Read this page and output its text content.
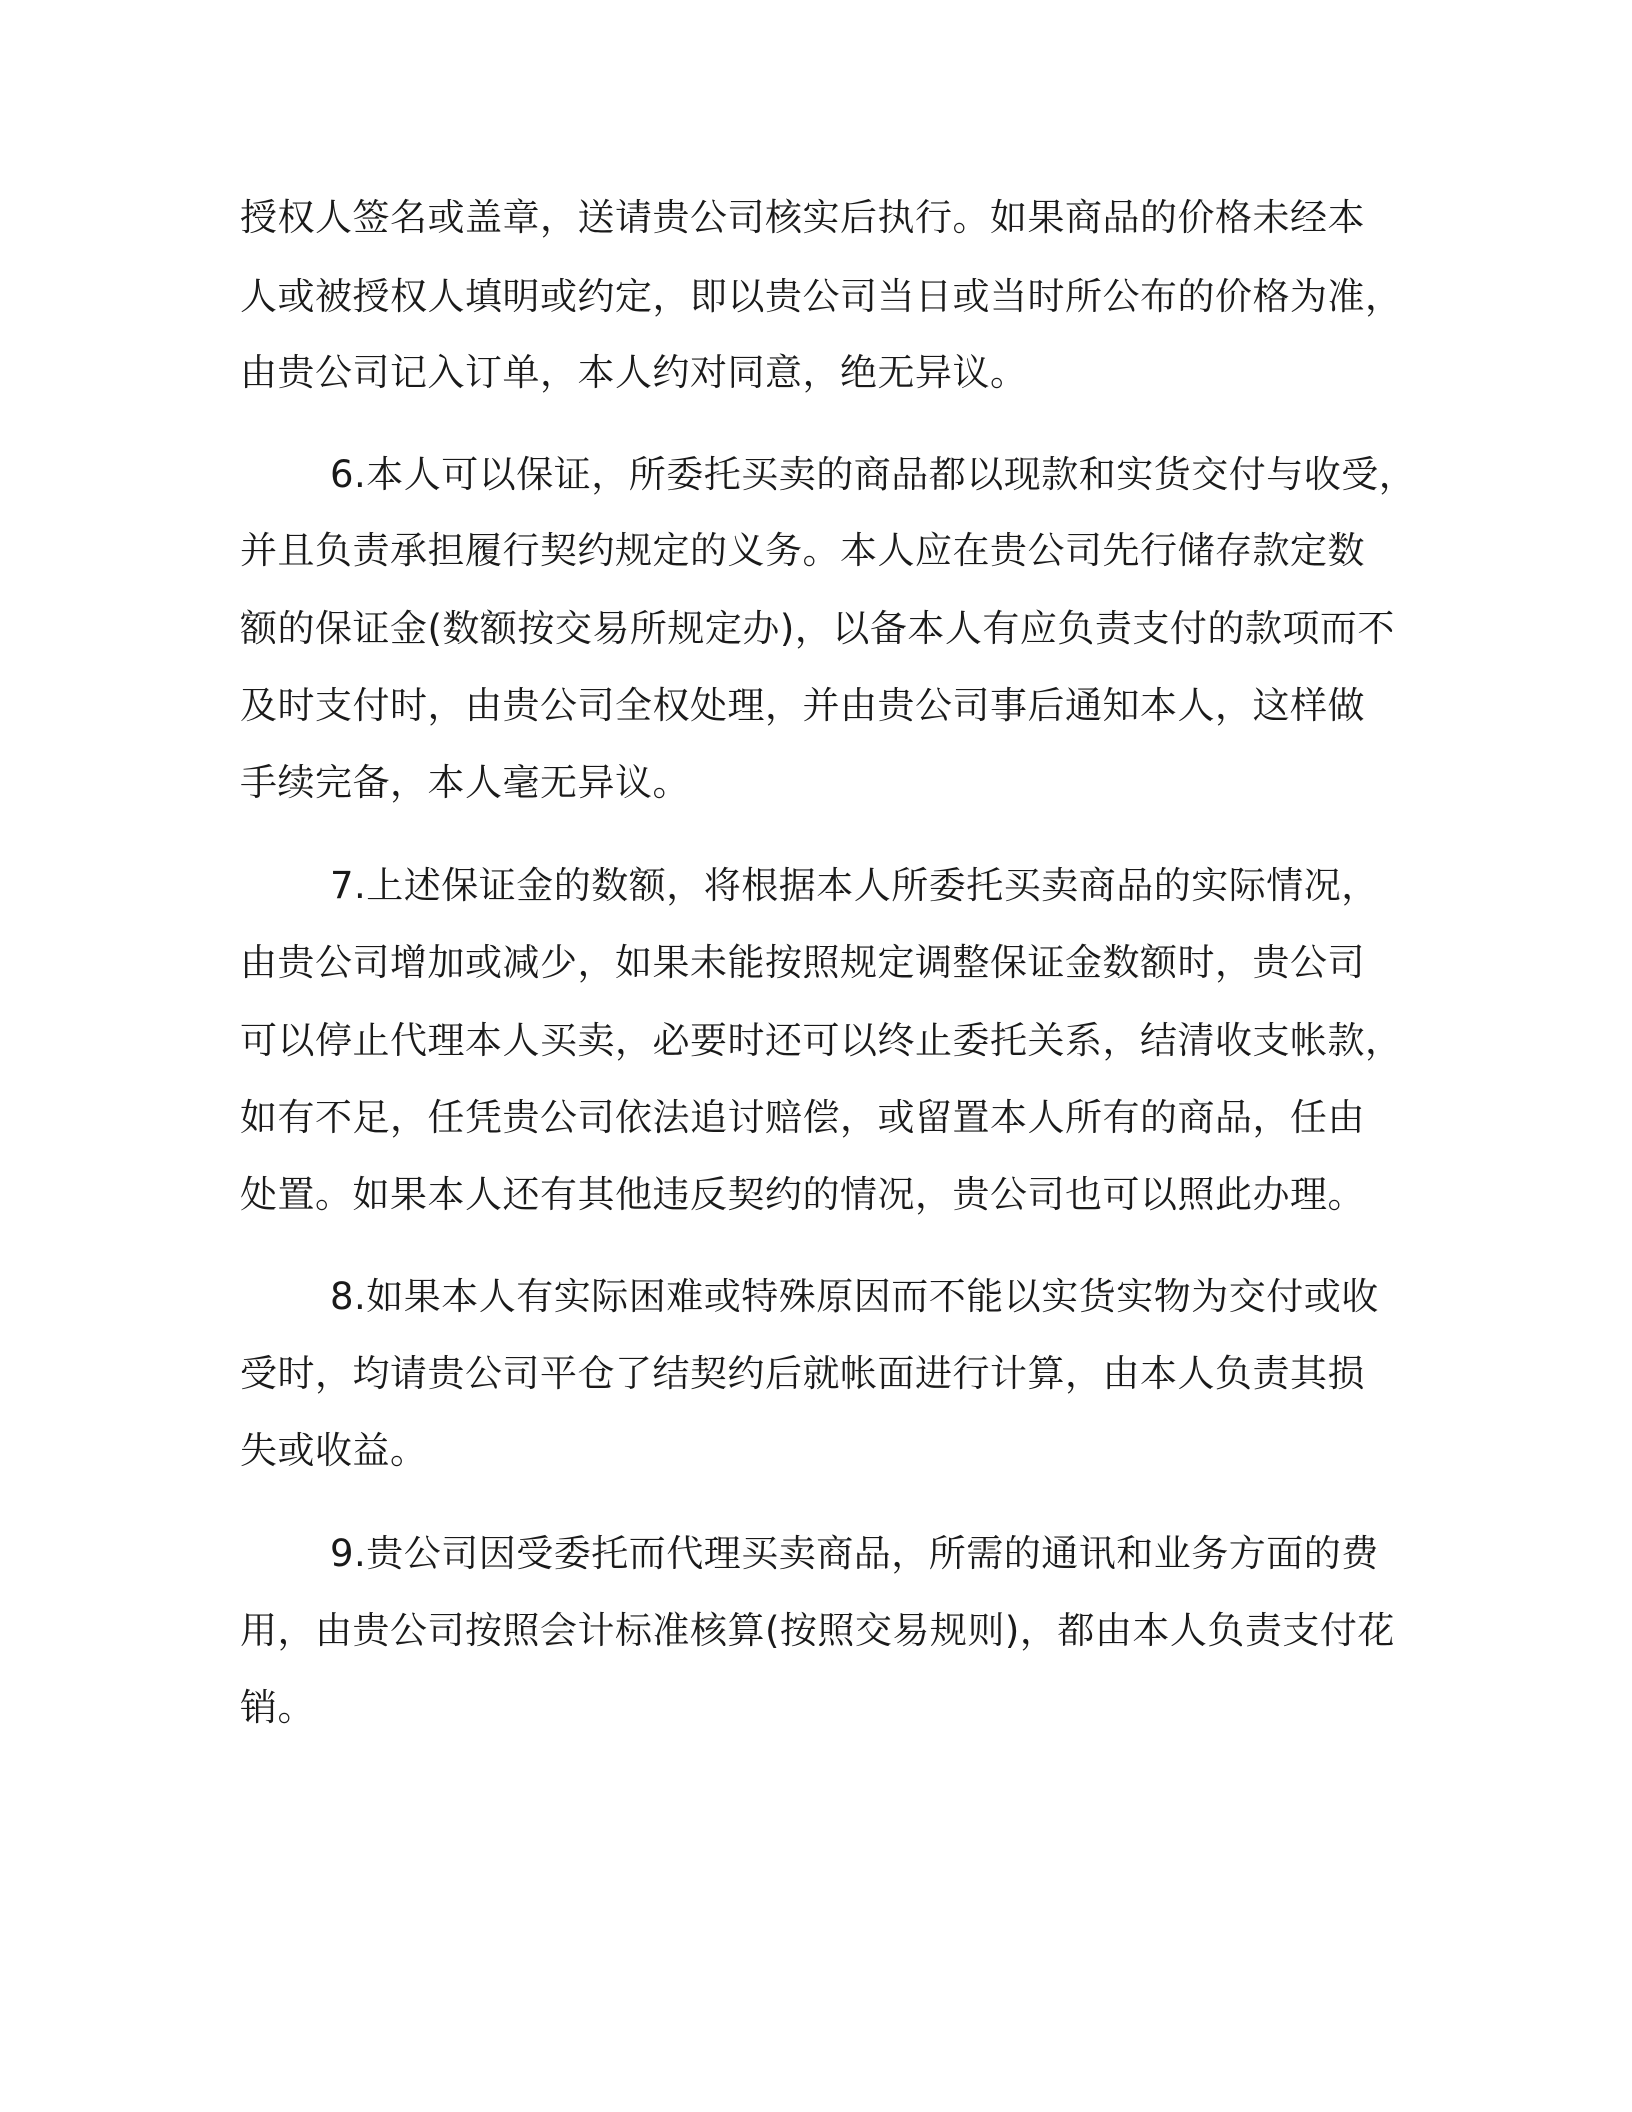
授权人签名或盖章，送请贵公司核实后执行。如果商品的价格未经本

人或被授权人填明或约定，即以贵公司当日或当时所公布的价格为准，

由贵公司记入订单，本人约对同意，绝无异议。

6.本人可以保证，所委托买卖的商品都以现款和实货交付与收受，

并且负责承担履行契约规定的义务。本人应在贵公司先行储存款定数

额的保证金(数额按交易所规定办)，以备本人有应负责支付的款项而不

及时支付时，由贵公司全权处理，并由贵公司事后通知本人，这样做

手续完备，本人毫无异议。

7.上述保证金的数额，将根据本人所委托买卖商品的实际情况，

由贵公司增加或减少，如果未能按照规定调整保证金数额时，贵公司

可以停止代理本人买卖，必要时还可以终止委托关系，结清收支帐款，

如有不足，任凭贵公司依法追讨赔偿，或留置本人所有的商品，任由

处置。如果本人还有其他违反契约的情况，贵公司也可以照此办理。

8.如果本人有实际困难或特殊原因而不能以实货实物为交付或收

受时，均请贵公司平仓了结契约后就帐面进行计算，由本人负责其损

失或收益。

9.贵公司因受委托而代理买卖商品，所需的通讯和业务方面的费

用，由贵公司按照会计标准核算(按照交易规则)，都由本人负责支付花

销。
